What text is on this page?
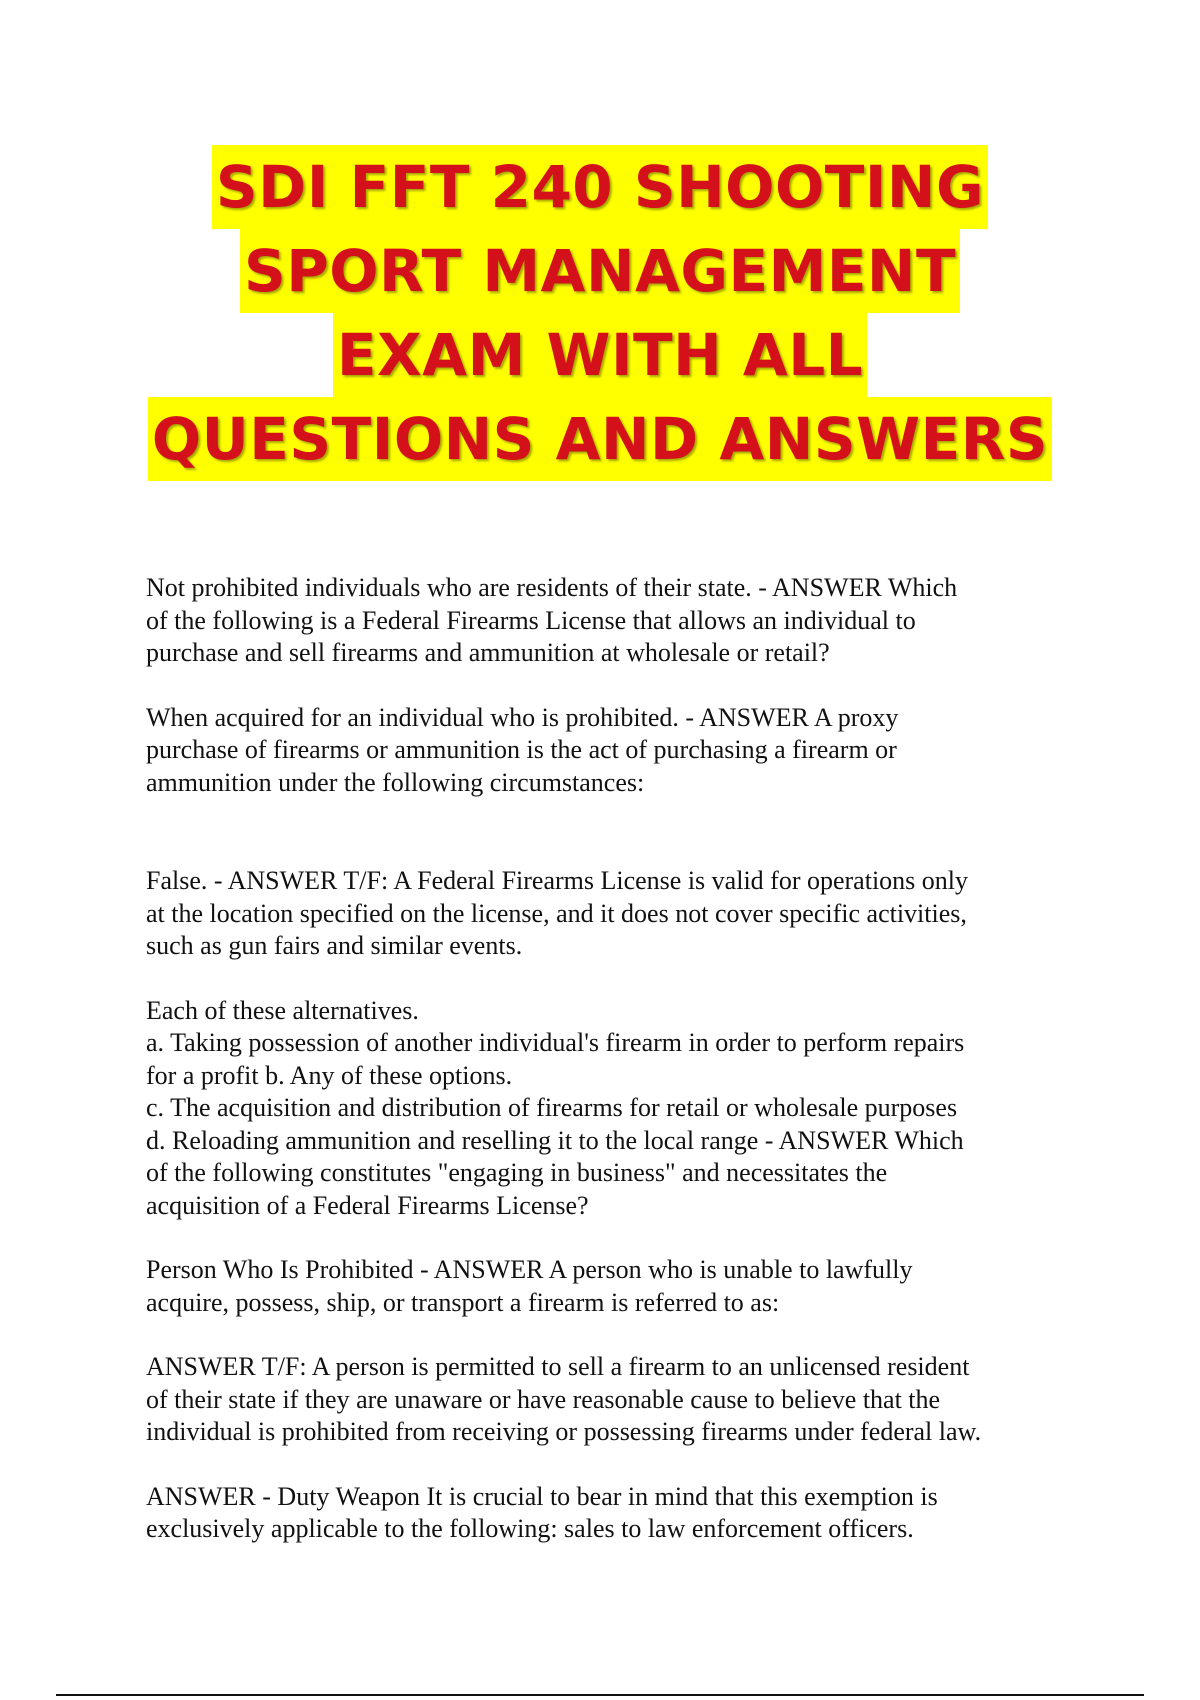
SDI FFT 240 SHOOTING
SPORT MANAGEMENT
EXAM WITH ALL
QUESTIONS AND ANSWERS

Not prohibited individuals who are residents of their state. - ANSWER Which
of the following is a Federal Firearms License that allows an individual to
purchase and sell firearms and ammunition at wholesale or retail?

When acquired for an individual who is prohibited. - ANSWER A proxy
purchase of firearms or ammunition is the act of purchasing a firearm or
ammunition under the following circumstances:

False. - ANSWER T/F: A Federal Firearms License is valid for operations only
at the location specified on the license, and it does not cover specific activities,
such as gun fairs and similar events.

Each of these alternatives.
a. Taking possession of another individual's firearm in order to perform repairs
for a profit b. Any of these options.
c. The acquisition and distribution of firearms for retail or wholesale purposes
d. Reloading ammunition and reselling it to the local range - ANSWER Which
of the following constitutes "engaging in business" and necessitates the
acquisition of a Federal Firearms License?

Person Who Is Prohibited - ANSWER A person who is unable to lawfully
acquire, possess, ship, or transport a firearm is referred to as:

ANSWER T/F: A person is permitted to sell a firearm to an unlicensed resident
of their state if they are unaware or have reasonable cause to believe that the
individual is prohibited from receiving or possessing firearms under federal law.

ANSWER - Duty Weapon It is crucial to bear in mind that this exemption is
exclusively applicable to the following: sales to law enforcement officers.
